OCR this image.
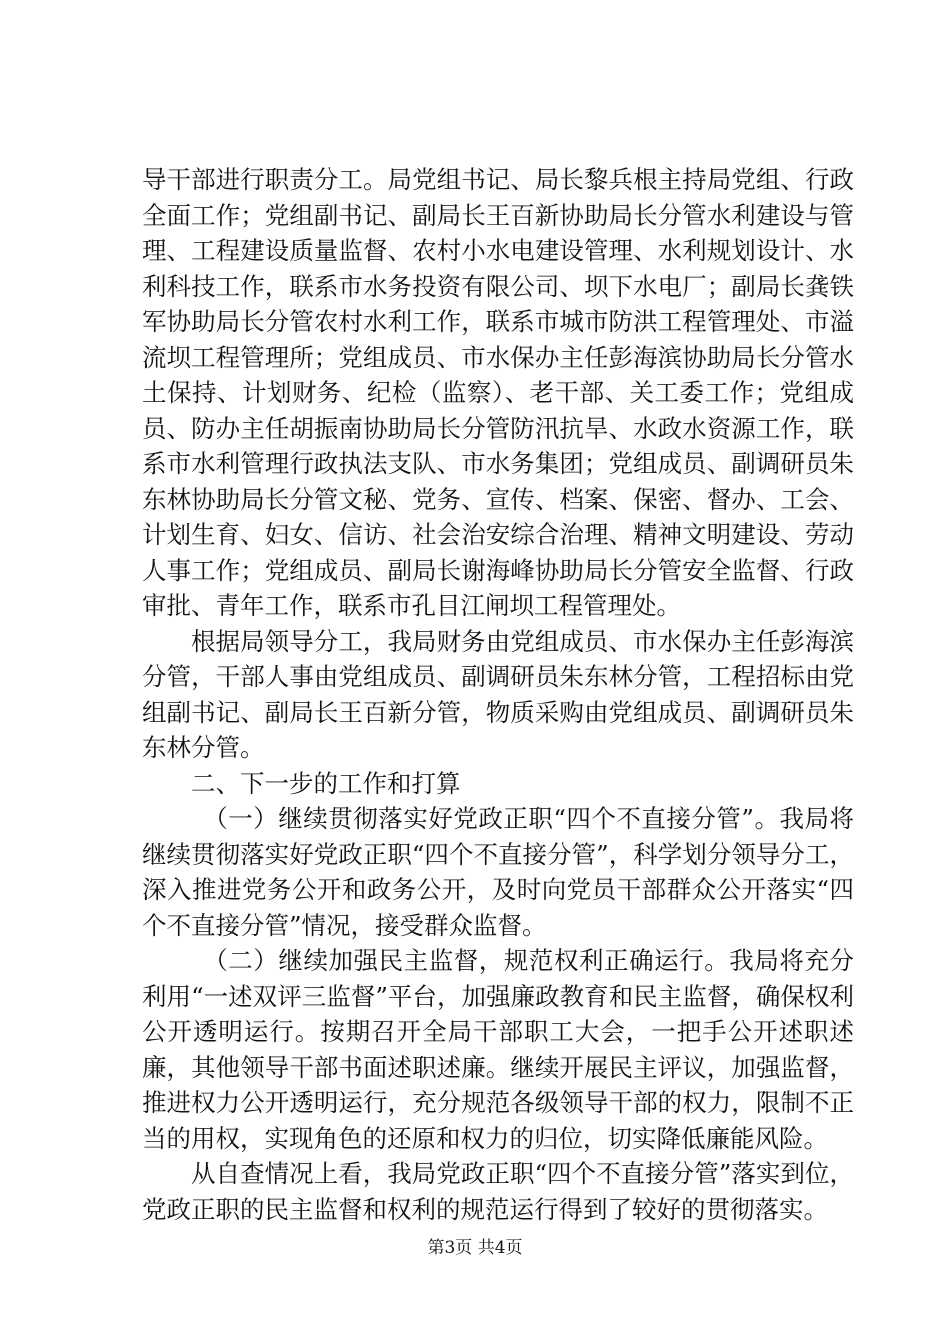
导干部进行职责分工。局党组书记、局长黎兵根主持局党组、行政全面工作；党组副书记、副局长王百新协助局长分管水利建设与管理、工程建设质量监督、农村小水电建设管理、水利规划设计、水利科技工作，联系市水务投资有限公司、坝下水电厂；副局长龚铁军协助局长分管农村水利工作，联系市城市防洪工程管理处、市溢流坝工程管理所；党组成员、市水保办主任彭海滨协助局长分管水土保持、计划财务、纪检（监察）、老干部、关工委工作；党组成员、防办主任胡振南协助局长分管防汛抗旱、水政水资源工作，联系市水利管理行政执法支队、市水务集团；党组成员、副调研员朱东林协助局长分管文秘、党务、宣传、档案、保密、督办、工会、计划生育、妇女、信访、社会治安综合治理、精神文明建设、劳动人事工作；党组成员、副局长谢海峰协助局长分管安全监督、行政审批、青年工作，联系市孔目江闸坝工程管理处。

根据局领导分工，我局财务由党组成员、市水保办主任彭海滨分管，干部人事由党组成员、副调研员朱东林分管，工程招标由党组副书记、副局长王百新分管，物质采购由党组成员、副调研员朱东林分管。

二、下一步的工作和打算

（一）继续贯彻落实好党政正职“四个不直接分管”。我局将继续贯彻落实好党政正职“四个不直接分管”，科学划分领导分工，深入推进党务公开和政务公开，及时向党员干部群众公开落实“四个不直接分管”情况，接受群众监督。

（二）继续加强民主监督，规范权利正确运行。我局将充分利用“一述双评三监督”平台，加强廉政教育和民主监督，确保权利公开透明运行。按期召开全局干部职工大会，一把手公开述职述廉，其他领导干部书面述职述廉。继续开展民主评议，加强监督，推进权力公开透明运行，充分规范各级领导干部的权力，限制不正当的用权，实现角色的还原和权力的归位，切实降低廉能风险。

从自查情况上看，我局党政正职“四个不直接分管”落实到位，党政正职的民主监督和权利的规范运行得到了较好的贯彻落实。

第3页 共4页
